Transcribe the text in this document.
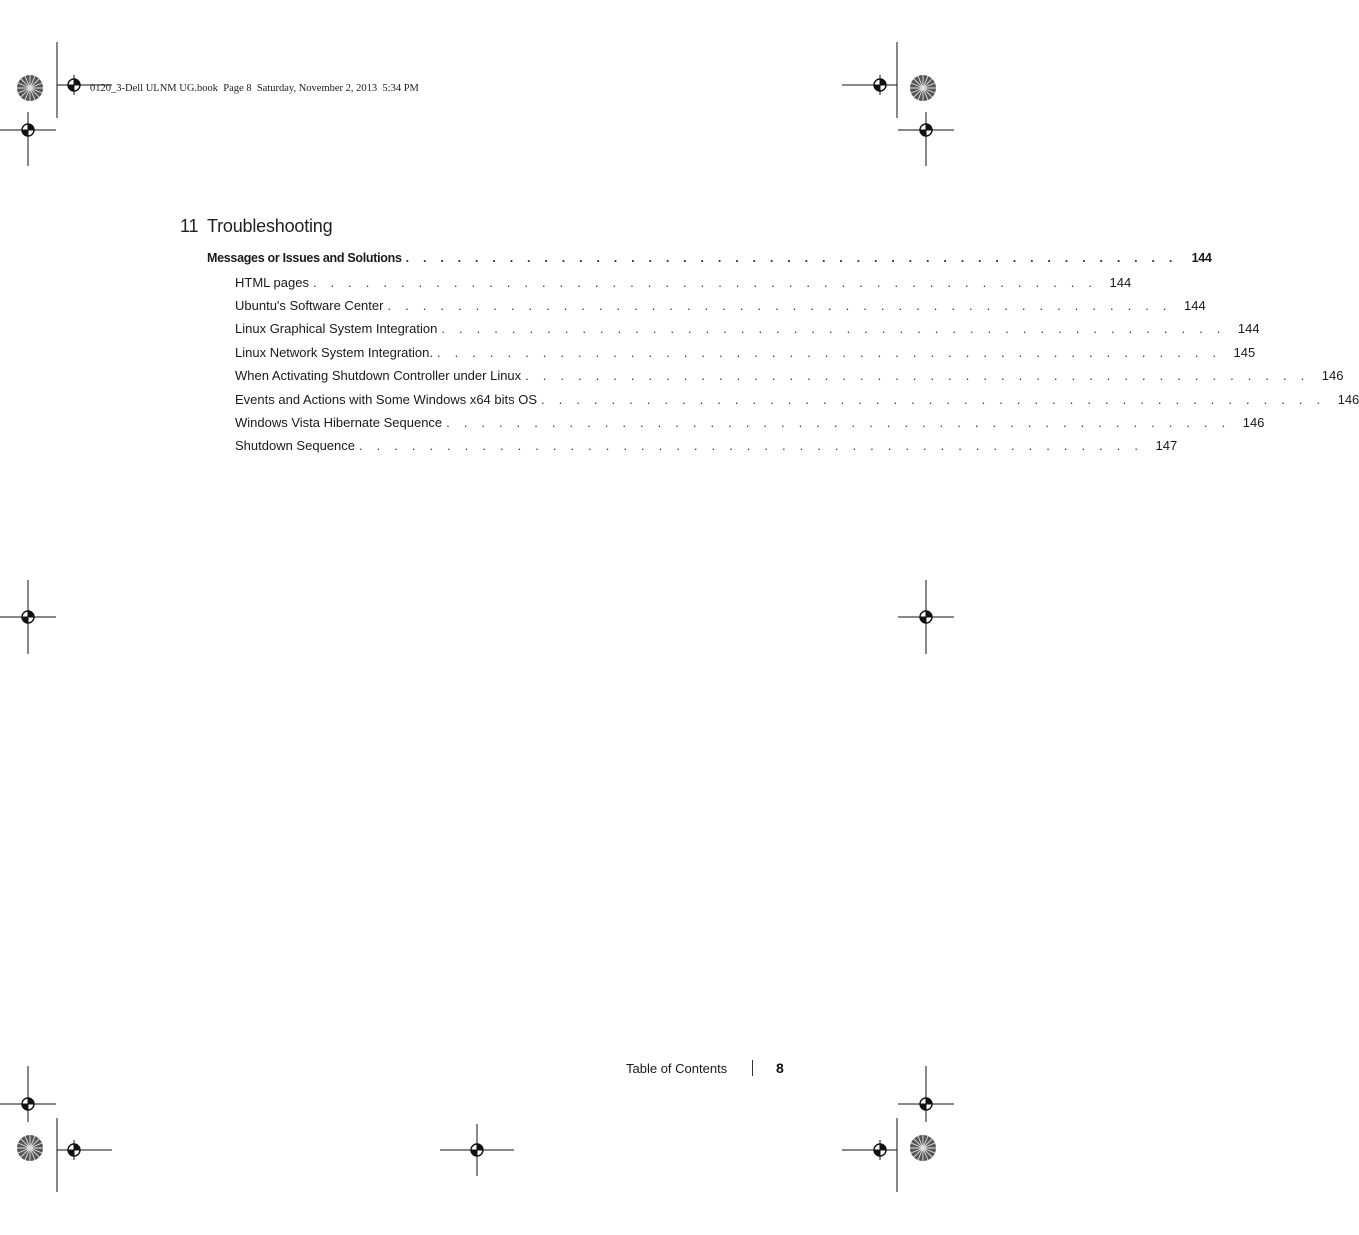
0120_3-Dell ULNM UG.book  Page 8  Saturday, November 2, 2013  5:34 PM
11 Troubleshooting
Messages or Issues and Solutions . . . . . . . . . . . . . . . . . . . . . . . . . . . . . . . . . . . . . . . . . . . . .	144
HTML pages . . . . . . . . . . . . . . . . . . . . . . . . . . . . . . . . . . . . . . . . . . . . . 144
Ubuntu's Software Center . . . . . . . . . . . . . . . . . . . . . . . . . . . . . . . . . . . . . . . . . . . . . 144
Linux Graphical System Integration . . . . . . . . . . . . . . . . . . . . . . . . . . . . . . . . . . . . . . . . . . . . . 144
Linux Network System Integration. . . . . . . . . . . . . . . . . . . . . . . . . . . . . . . . . . . . . . . . . . . . . . 145
When Activating Shutdown Controller under Linux . . . . . . . . . . . . . . . . . . . . . . . . . . . . . . . . . . . . . . . . . . . . . 146
Events and Actions with Some Windows x64 bits OS . . . . . . . . . . . . . . . . . . . . . . . . . . . . . . . . . . . . . . . . . . . . . 146
Windows Vista Hibernate Sequence . . . . . . . . . . . . . . . . . . . . . . . . . . . . . . . . . . . . . . . . . . . . . 146
Shutdown Sequence . . . . . . . . . . . . . . . . . . . . . . . . . . . . . . . . . . . . . . . . . . . . . 147
Table of Contents	8
